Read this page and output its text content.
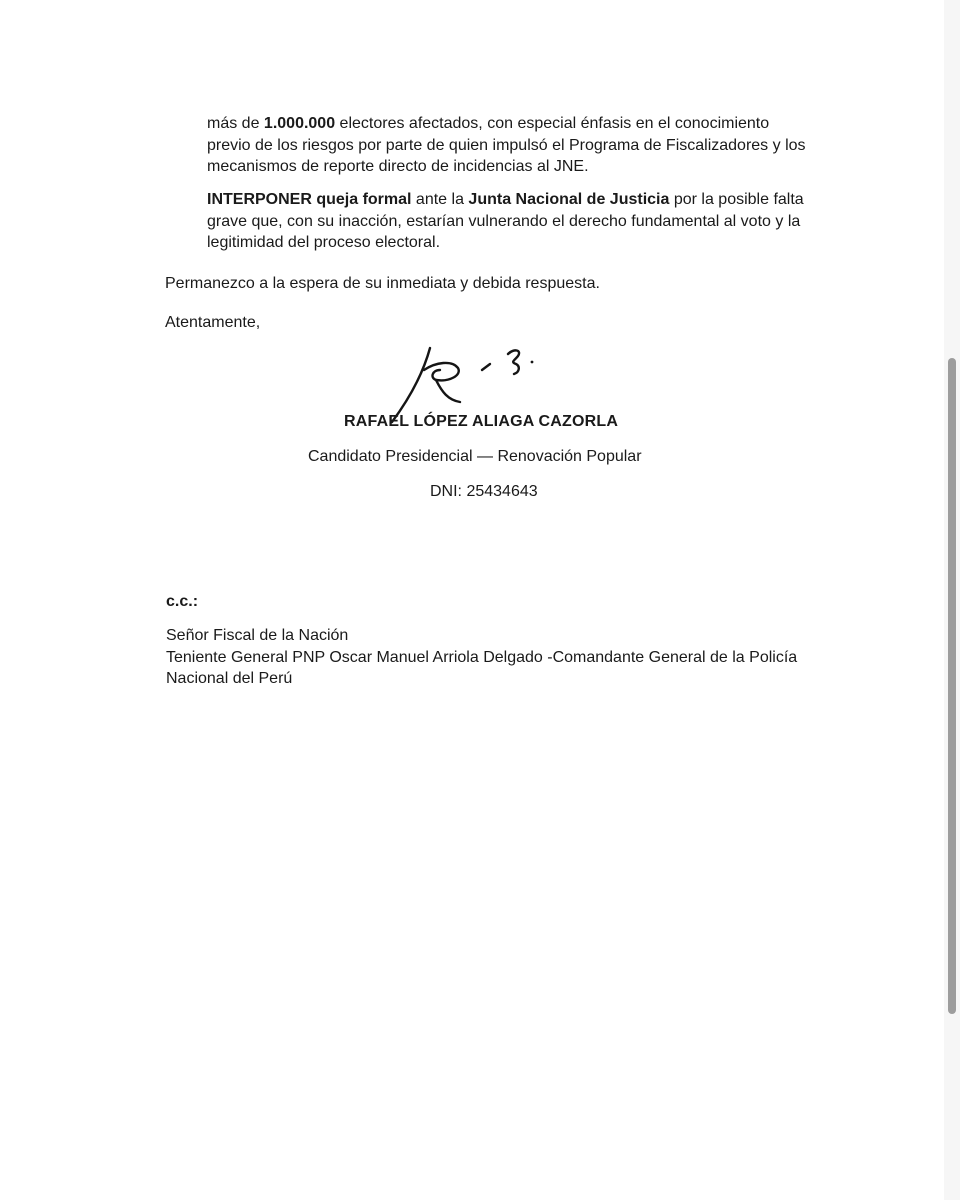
más de 1.000.000 electores afectados, con especial énfasis en el conocimiento previo de los riesgos por parte de quien impulsó el Programa de Fiscalizadores y los mecanismos de reporte directo de incidencias al JNE.

INTERPONER queja formal ante la Junta Nacional de Justicia por la posible falta grave que, con su inacción, estarían vulnerando el derecho fundamental al voto y la legitimidad del proceso electoral.

Permanezco a la espera de su inmediata y debida respuesta.

Atentamente,

RAFAEL LÓPEZ ALIAGA CAZORLA
Candidato Presidencial — Renovación Popular
DNI: 25434643
c.c.:
Señor Fiscal de la Nación
Teniente General PNP Oscar Manuel Arriola Delgado -Comandante General de la Policía Nacional del Perú
